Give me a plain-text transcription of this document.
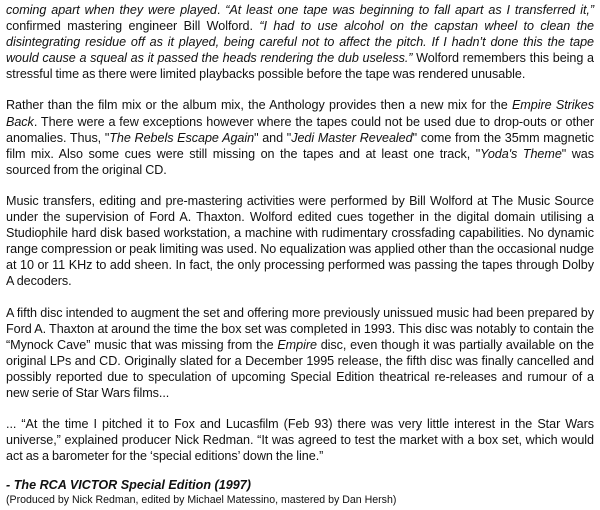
coming apart when they were played. “At least one tape was beginning to fall apart as I transferred it,” confirmed mastering engineer Bill Wolford. “I had to use alcohol on the capstan wheel to clean the disintegrating residue off as it played, being careful not to affect the pitch. If I hadn’t done this the tape would cause a squeal as it passed the heads rendering the dub useless.” Wolford remembers this being a stressful time as there were limited playbacks possible before the tape was rendered unusable.

Rather than the film mix or the album mix, the Anthology provides then a new mix for the Empire Strikes Back. There were a few exceptions however where the tapes could not be used due to drop-outs or other anomalies. Thus, "The Rebels Escape Again" and "Jedi Master Revealed" come from the 35mm magnetic film mix. Also some cues were still missing on the tapes and at least one track, "Yoda's Theme" was sourced from the original CD.

Music transfers, editing and pre-mastering activities were performed by Bill Wolford at The Music Source under the supervision of Ford A. Thaxton. Wolford edited cues together in the digital domain utilising a Studiophile hard disk based workstation, a machine with rudimentary crossfading capabilities. No dynamic range compression or peak limiting was used. No equalization was applied other than the occasional nudge at 10 or 11 KHz to add sheen. In fact, the only processing performed was passing the tapes through Dolby A decoders.

A fifth disc intended to augment the set and offering more previously unissued music had been prepared by Ford A. Thaxton at around the time the box set was completed in 1993. This disc was notably to contain the “Mynock Cave” music that was missing from the Empire disc, even though it was partially available on the original LPs and CD. Originally slated for a December 1995 release, the fifth disc was finally cancelled and possibly reported due to speculation of upcoming Special Edition theatrical re-releases and rumour of a new serie of Star Wars films...

... “At the time I pitched it to Fox and Lucasfilm (Feb 93) there was very little interest in the Star Wars universe,” explained producer Nick Redman. “It was agreed to test the market with a box set, which would act as a barometer for the ‘special editions’ down the line.”

- The RCA VICTOR Special Edition (1997)

(Produced by Nick Redman, edited by Michael Matessino, mastered by Dan Hersh)
